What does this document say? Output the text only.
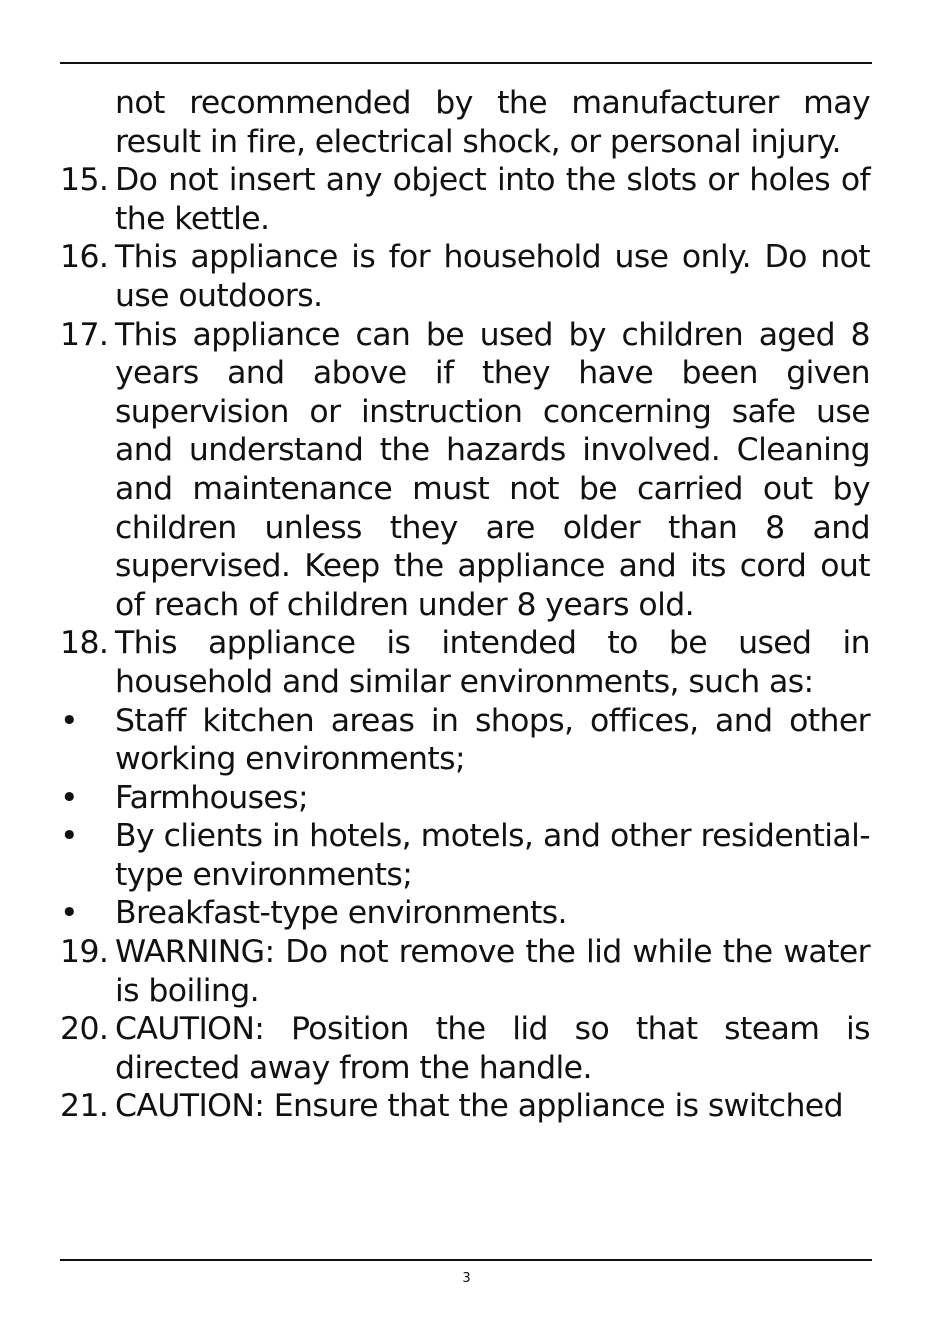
not recommended by the manufacturer may result in fire, electrical shock, or personal injury.
15. Do not insert any object into the slots or holes of the kettle.
16. This appliance is for household use only. Do not use outdoors.
17. This appliance can be used by children aged 8 years and above if they have been given supervision or instruction concerning safe use and understand the hazards involved. Cleaning and maintenance must not be carried out by children unless they are older than 8 and supervised. Keep the appliance and its cord out of reach of children under 8 years old.
18. This appliance is intended to be used in household and similar environments, such as:
• Staff kitchen areas in shops, offices, and other working environments;
• Farmhouses;
• By clients in hotels, motels, and other residential-type environments;
• Breakfast-type environments.
19. WARNING: Do not remove the lid while the water is boiling.
20. CAUTION: Position the lid so that steam is directed away from the handle.
21. CAUTION: Ensure that the appliance is switched
3
